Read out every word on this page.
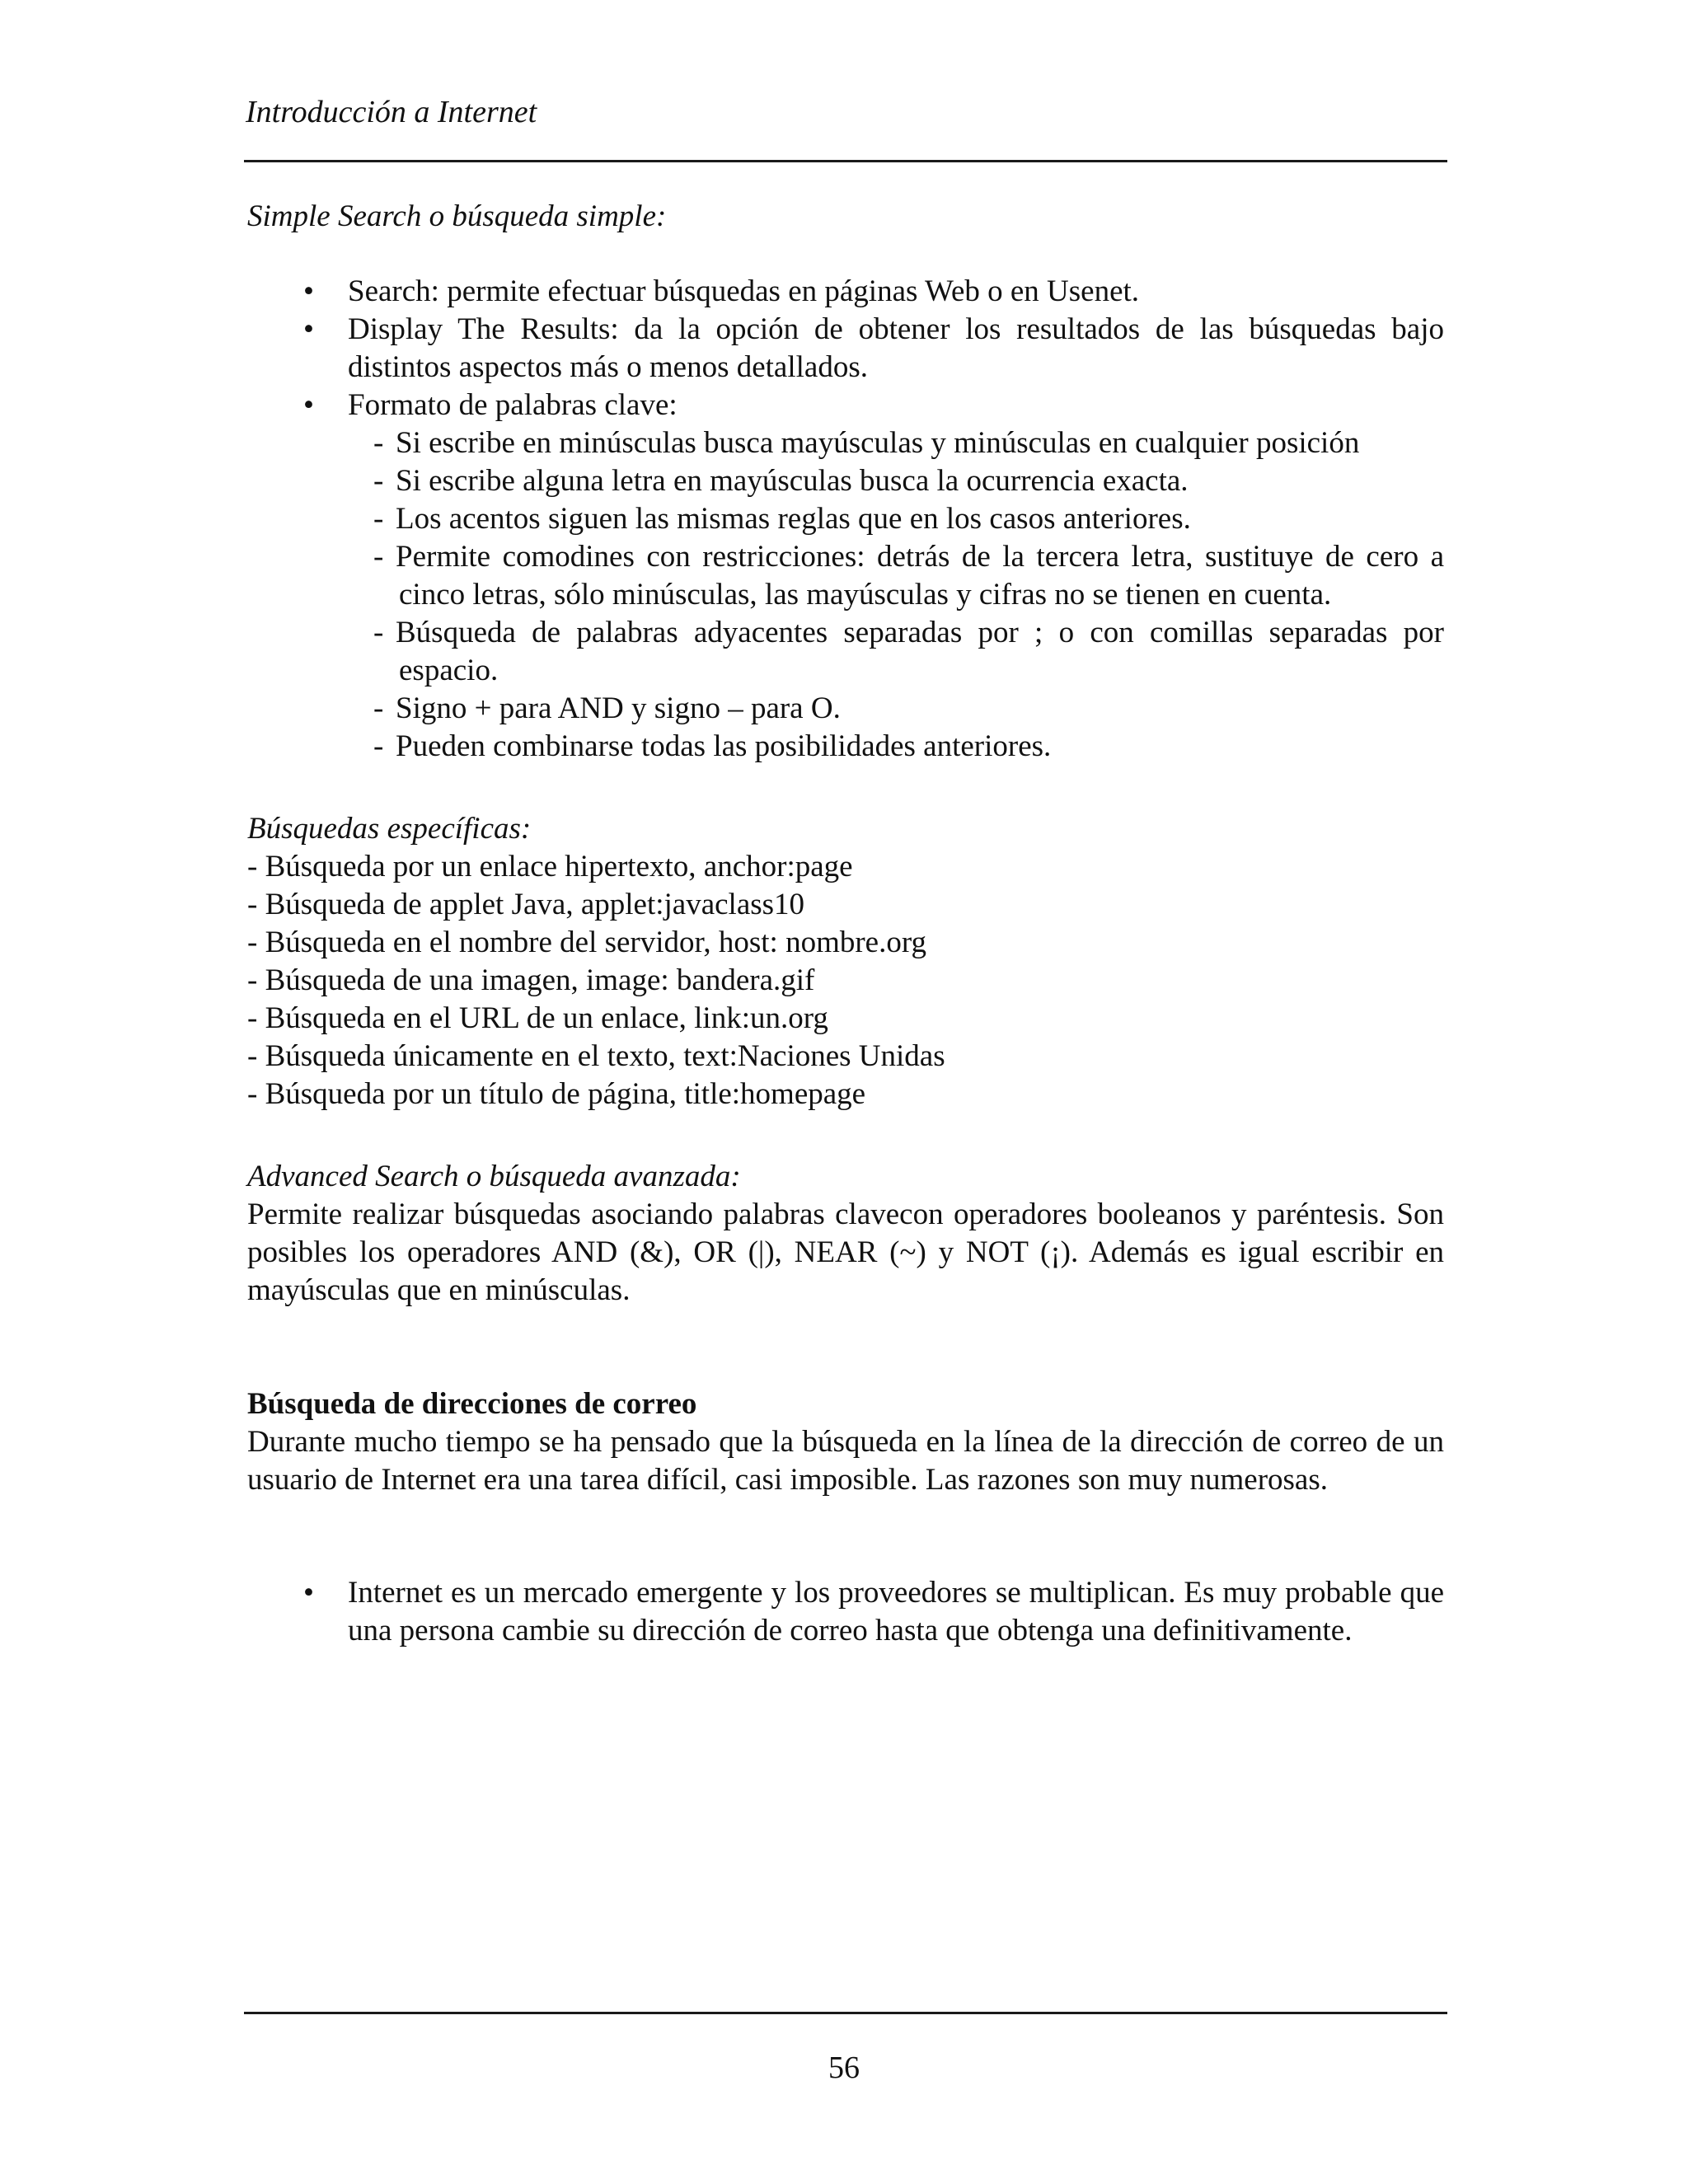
Introducción a Internet

Simple Search o búsqueda simple:

• Search: permite efectuar búsquedas en páginas Web o en Usenet.
• Display The Results: da la opción de obtener los resultados de las búsquedas bajo distintos aspectos más o menos detallados.
• Formato de palabras clave:
- Si escribe en minúsculas busca mayúsculas y minúsculas en cualquier posición
- Si escribe alguna letra en mayúsculas busca la ocurrencia exacta.
- Los acentos siguen las mismas reglas que en los casos anteriores.
- Permite comodines con restricciones: detrás de la tercera letra, sustituye de cero a cinco letras, sólo minúsculas, las mayúsculas y cifras no se tienen en cuenta.
- Búsqueda de palabras adyacentes separadas por ; o con comillas separadas por espacio.
- Signo + para AND y signo – para O.
- Pueden combinarse todas las posibilidades anteriores.

Búsquedas específicas:

- Búsqueda por un enlace hipertexto, anchor:page
- Búsqueda de applet Java, applet:javaclass10
- Búsqueda en el nombre del servidor, host: nombre.org
- Búsqueda de una imagen, image: bandera.gif
- Búsqueda en el URL de un enlace, link:un.org
- Búsqueda únicamente en el texto, text:Naciones Unidas
- Búsqueda por un título de página, title:homepage

Advanced Search o búsqueda avanzada:

Permite realizar búsquedas asociando palabras clavecon operadores booleanos y paréntesis. Son posibles los operadores AND (&), OR (|), NEAR (~) y NOT (¡). Además es igual escribir en mayúsculas que en minúsculas.

Búsqueda de direcciones de correo

Durante mucho tiempo se ha pensado que la búsqueda en la línea de la dirección de correo de un usuario de Internet era una tarea difícil, casi imposible. Las razones son muy numerosas.

• Internet es un mercado emergente y los proveedores se multiplican. Es muy probable que una persona cambie su dirección de correo hasta que obtenga una definitivamente.
56
